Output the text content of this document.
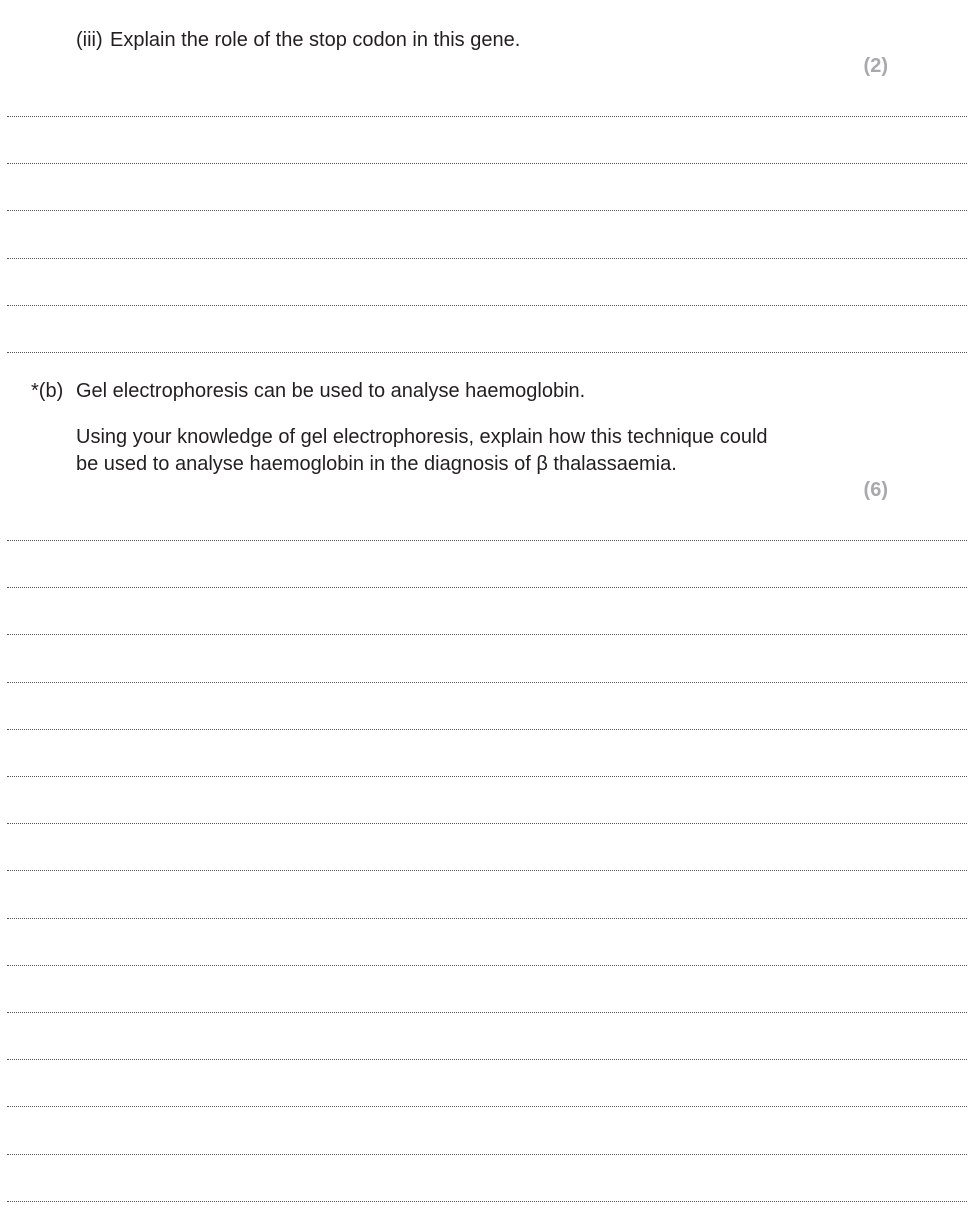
(iii) Explain the role of the stop codon in this gene.
(2)
*(b) Gel electrophoresis can be used to analyse haemoglobin.
Using your knowledge of gel electrophoresis, explain how this technique could
be used to analyse haemoglobin in the diagnosis of β thalassaemia.
(6)
